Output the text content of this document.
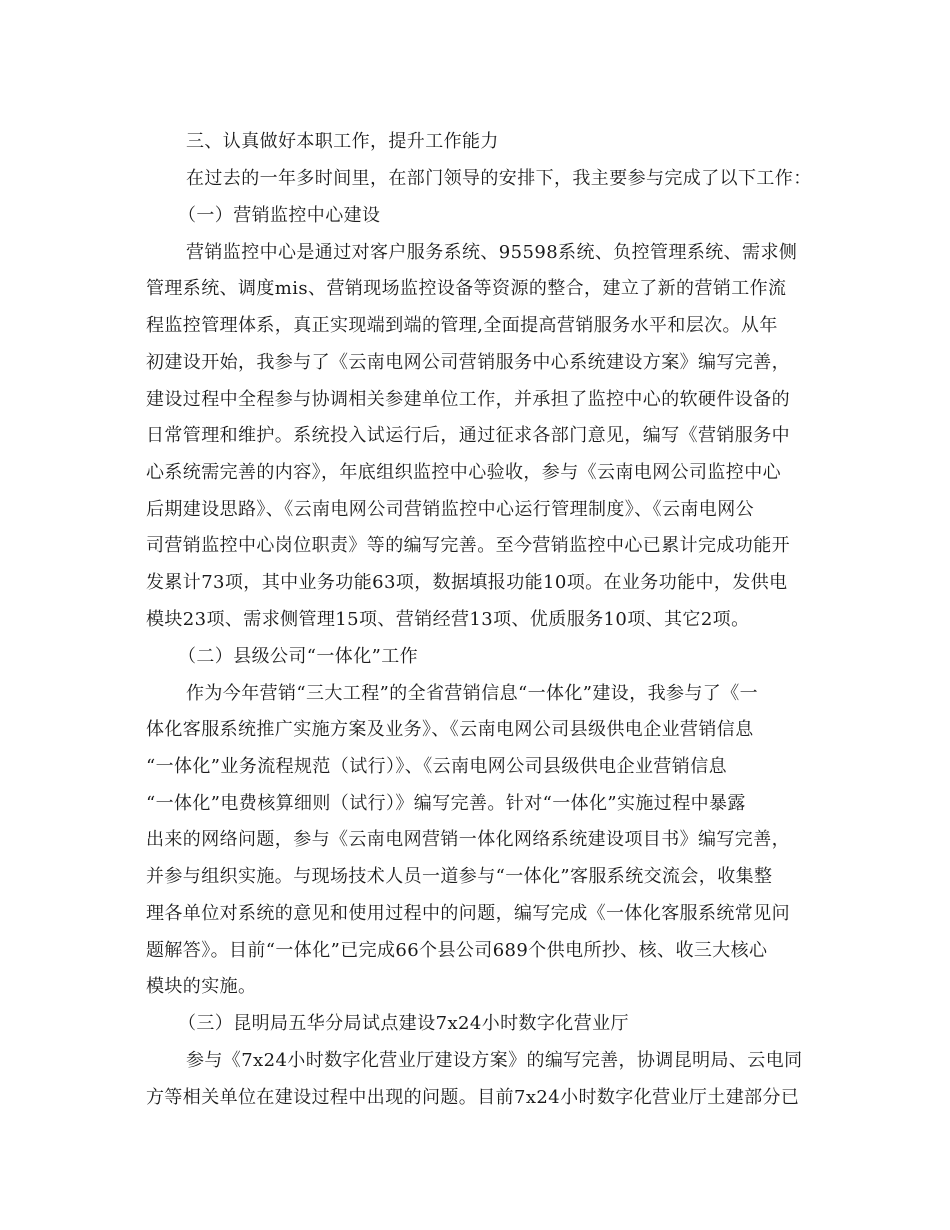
三、认真做好本职工作，提升工作能力
在过去的一年多时间里，在部门领导的安排下，我主要参与完成了以下工作：
（一）营销监控中心建设
营销监控中心是通过对客户服务系统、95598系统、负控管理系统、需求侧
管理系统、调度mis、营销现场监控设备等资源的整合，建立了新的营销工作流
程监控管理体系，真正实现端到端的管理,全面提高营销服务水平和层次。从年
初建设开始，我参与了《云南电网公司营销服务中心系统建设方案》编写完善，
建设过程中全程参与协调相关参建单位工作，并承担了监控中心的软硬件设备的
日常管理和维护。系统投入试运行后，通过征求各部门意见，编写《营销服务中
心系统需完善的内容》，年底组织监控中心验收，参与《云南电网公司监控中心
后期建设思路》、《云南电网公司营销监控中心运行管理制度》、《云南电网公
司营销监控中心岗位职责》等的编写完善。至今营销监控中心已累计完成功能开
发累计73项，其中业务功能63项，数据填报功能10项。在业务功能中，发供电
模块23项、需求侧管理15项、营销经营13项、优质服务10项、其它2项。
（二）县级公司“一体化”工作
作为今年营销“三大工程”的全省营销信息“一体化”建设，我参与了《一
体化客服系统推广实施方案及业务》、《云南电网公司县级供电企业营销信息
“一体化”业务流程规范（试行）》、《云南电网公司县级供电企业营销信息
“一体化”电费核算细则（试行）》编写完善。针对“一体化”实施过程中暴露
出来的网络问题，参与《云南电网营销一体化网络系统建设项目书》编写完善，
并参与组织实施。与现场技术人员一道参与“一体化”客服系统交流会，收集整
理各单位对系统的意见和使用过程中的问题，编写完成《一体化客服系统常见问
题解答》。目前“一体化”已完成66个县公司689个供电所抄、核、收三大核心
模块的实施。
（三）昆明局五华分局试点建设7x24小时数字化营业厅
参与《7x24小时数字化营业厅建设方案》的编写完善，协调昆明局、云电同
方等相关单位在建设过程中出现的问题。目前7x24小时数字化营业厅土建部分已
